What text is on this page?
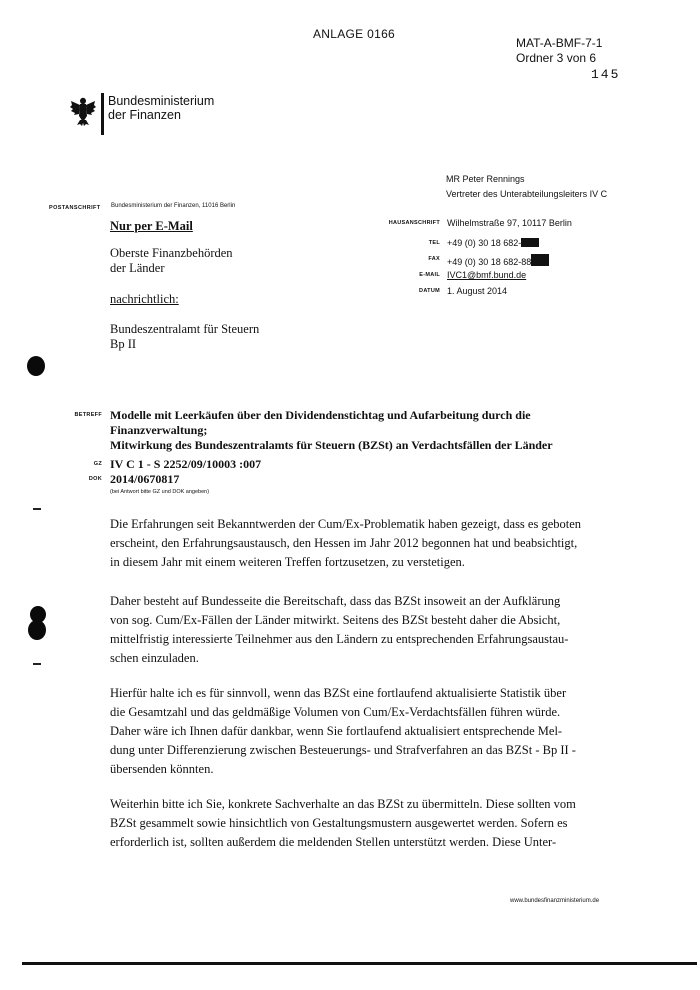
ANLAGE 0166
MAT-A-BMF-7-1
Ordner 3 von 6
145
Bundesministerium
der Finanzen
MR Peter Rennings
Vertreter des Unterabteilungsleiters IV C
POSTANSCHRIFT Bundesministerium der Finanzen, 11016 Berlin
Nur per E-Mail
Oberste Finanzbehörden
der Länder
nachrichtlich:
Bundeszentralamt für Steuern
Bp II
HAUSANSCHRIFT Wilhelmstraße 97, 10117 Berlin
TEL +49 (0) 30 18 682-
FAX +49 (0) 30 18 682-88
E-MAIL IVC1@bmf.bund.de
DATUM 1. August 2014
BETREFF Modelle mit Leerkäufen über den Dividendenstichtag und Aufarbeitung durch die
Finanzverwaltung;
Mitwirkung des Bundeszentralamts für Steuern (BZSt) an Verdachtsfällen der Länder
GZ IV C 1 - S 2252/09/10003 :007
DOK 2014/0670817
(bei Antwort bitte GZ und DOK angeben)
Die Erfahrungen seit Bekanntwerden der Cum/Ex-Problematik haben gezeigt, dass es geboten
erscheint, den Erfahrungsaustausch, den Hessen im Jahr 2012 begonnen hat und beabsichtigt,
in diesem Jahr mit einem weiteren Treffen fortzusetzen, zu verstetigen.
Daher besteht auf Bundesseite die Bereitschaft, dass das BZSt insoweit an der Aufklärung
von sog. Cum/Ex-Fällen der Länder mitwirkt. Seitens des BZSt besteht daher die Absicht,
mittelfristig interessierte Teilnehmer aus den Ländern zu entsprechenden Erfahrungsaustau-
schen einzuladen.
Hierfür halte ich es für sinnvoll, wenn das BZSt eine fortlaufend aktualisierte Statistik über
die Gesamtzahl und das geldmäßige Volumen von Cum/Ex-Verdachtsfällen führen würde.
Daher wäre ich Ihnen dafür dankbar, wenn Sie fortlaufend aktualisiert entsprechende Mel-
dung unter Differenzierung zwischen Besteuerungs- und Strafverfahren an das BZSt - Bp II -
übersenden könnten.
Weiterhin bitte ich Sie, konkrete Sachverhalte an das BZSt zu übermitteln. Diese sollten vom
BZSt gesammelt sowie hinsichtlich von Gestaltungsmustern ausgewertet werden. Sofern es
erforderlich ist, sollten außerdem die meldenden Stellen unterstützt werden. Diese Unter-
www.bundesfinanzministerium.de
